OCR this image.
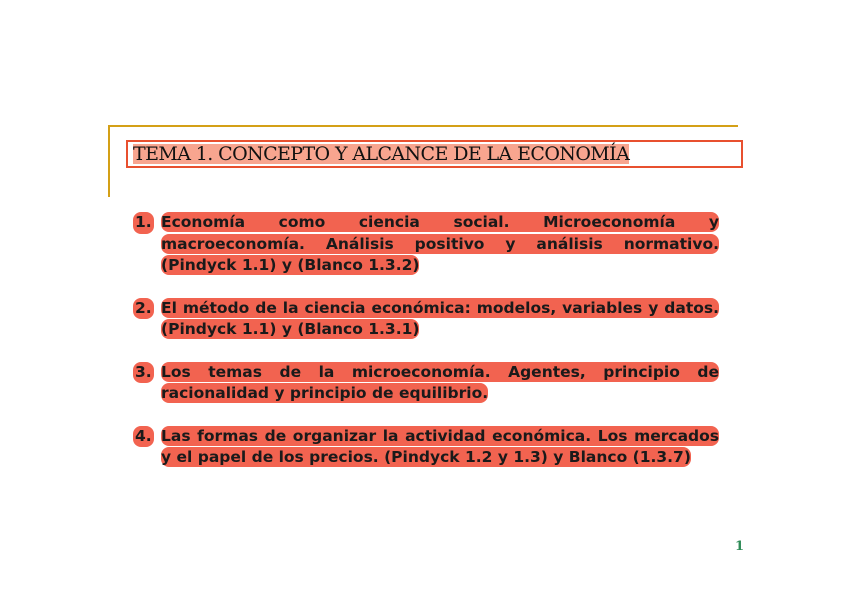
TEMA 1. CONCEPTO Y ALCANCE DE LA ECONOMÍA
1. Economía como ciencia social. Microeconomía y macroeconomía. Análisis positivo y análisis normativo. (Pindyck 1.1) y (Blanco 1.3.2)
2. El método de la ciencia económica: modelos, variables y datos. (Pindyck 1.1) y (Blanco 1.3.1)
3. Los temas de la microeconomía. Agentes, principio de racionalidad y principio de equilibrio.
4. Las formas de organizar la actividad económica. Los mercados y el papel de los precios. (Pindyck 1.2 y 1.3) y Blanco (1.3.7)
1
